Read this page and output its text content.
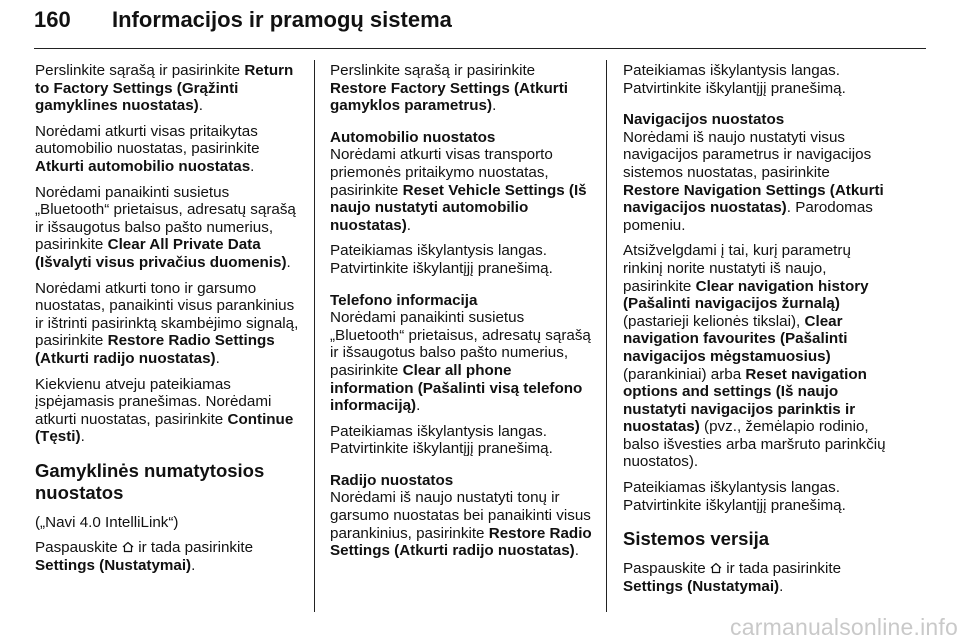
160 Informacijos ir pramogų sistema

Perslinkite sąrašą ir pasirinkite Return to Factory Settings (Grąžinti gamyklines nuostatas).

Norėdami atkurti visas pritaikytas automobilio nuostatas, pasirinkite Atkurti automobilio nuostatas.

Norėdami panaikinti susietus „Bluetooth“ prietaisus, adresatų sąrašą ir išsaugotus balso pašto numerius, pasirinkite Clear All Private Data (Išvalyti visus privačius duomenis).

Norėdami atkurti tono ir garsumo nuostatas, panaikinti visus parankinius ir ištrinti pasirinktą skambėjimo signalą, pasirinkite Restore Radio Settings (Atkurti radijo nuostatas).

Kiekvienu atveju pateikiamas įspėjamasis pranešimas. Norėdami atkurti nuostatas, pasirinkite Continue (Tęsti).

Gamyklinės numatytosios nuostatos

(„Navi 4.0 IntelliLink“)

Paspauskite ir tada pasirinkite Settings (Nustatymai).

Perslinkite sąrašą ir pasirinkite Restore Factory Settings (Atkurti gamyklos parametrus).

Automobilio nuostatos

Norėdami atkurti visas transporto priemonės pritaikymo nuostatas, pasirinkite Reset Vehicle Settings (Iš naujo nustatyti automobilio nuostatas).

Pateikiamas iškylantysis langas. Patvirtinkite iškylantįjį pranešimą.

Telefono informacija

Norėdami panaikinti susietus „Bluetooth“ prietaisus, adresatų sąrašą ir išsaugotus balso pašto numerius, pasirinkite Clear all phone information (Pašalinti visą telefono informaciją).

Pateikiamas iškylantysis langas. Patvirtinkite iškylantįjį pranešimą.

Radijo nuostatos

Norėdami iš naujo nustatyti tonų ir garsumo nuostatas bei panaikinti visus parankinius, pasirinkite Restore Radio Settings (Atkurti radijo nuostatas).

Pateikiamas iškylantysis langas. Patvirtinkite iškylantįjį pranešimą.

Navigacijos nuostatos

Norėdami iš naujo nustatyti visus navigacijos parametrus ir navigacijos sistemos nuostatas, pasirinkite Restore Navigation Settings (Atkurti navigacijos nuostatas). Parodomas pomeniu.

Atsižvelgdami į tai, kurį parametrų rinkinį norite nustatyti iš naujo, pasirinkite Clear navigation history (Pašalinti navigacijos žurnalą) (pastarieji kelionės tikslai), Clear navigation favourites (Pašalinti navigacijos mėgstamuosius) (parankiniai) arba Reset navigation options and settings (Iš naujo nustatyti navigacijos parinktis ir nuostatas) (pvz., žemėlapio rodinio, balso išvesties arba maršruto parinkčių nuostatos).

Pateikiamas iškylantysis langas. Patvirtinkite iškylantįjį pranešimą.

Sistemos versija

Paspauskite ir tada pasirinkite Settings (Nustatymai).

carmanualsonline.info
